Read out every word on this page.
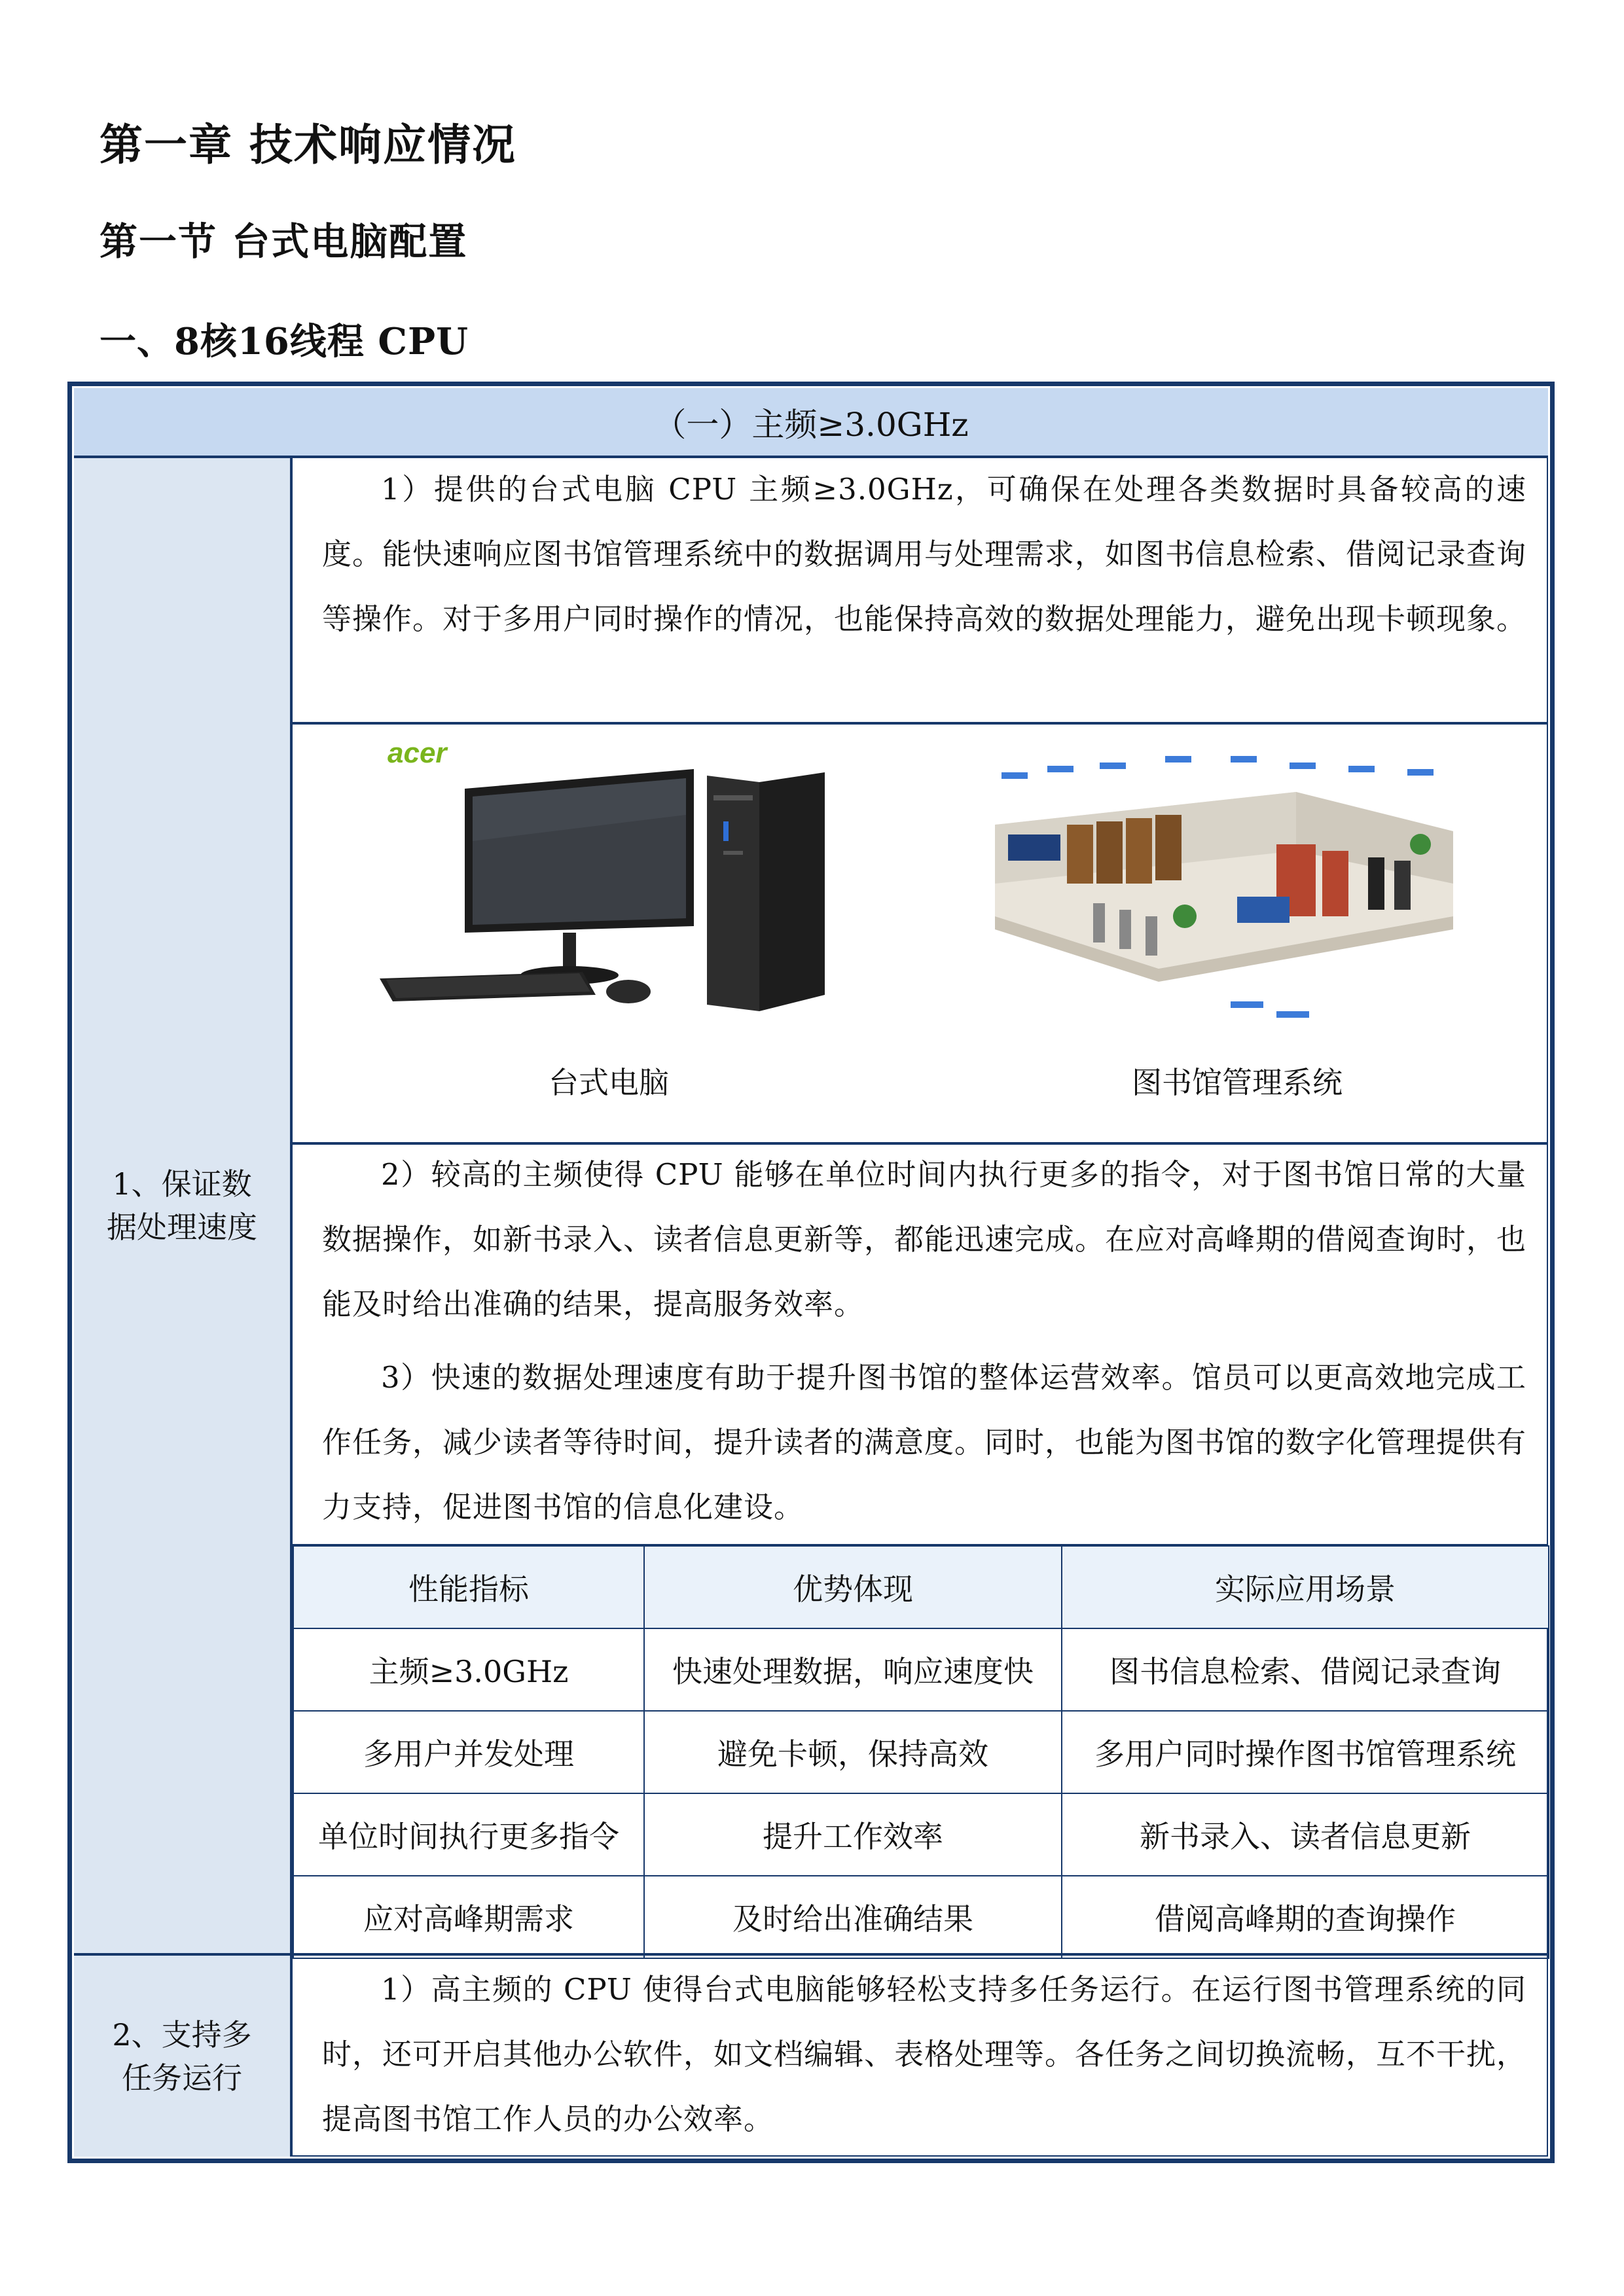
第一章 技术响应情况
第一节 台式电脑配置
一、8核16线程 CPU
（一）主频≥3.0GHz
1、保证数据处理速度
1）提供的台式电脑 CPU 主频≥3.0GHz，可确保在处理各类数据时具备较高的速度。能快速响应图书馆管理系统中的数据调用与处理需求，如图书信息检索、借阅记录查询等操作。对于多用户同时操作的情况，也能保持高效的数据处理能力，避免出现卡顿现象。
acer
台式电脑	图书馆管理系统
2）较高的主频使得 CPU 能够在单位时间内执行更多的指令，对于图书馆日常的大量数据操作，如新书录入、读者信息更新等，都能迅速完成。在应对高峰期的借阅查询时，也能及时给出准确的结果，提高服务效率。
3）快速的数据处理速度有助于提升图书馆的整体运营效率。馆员可以更高效地完成工作任务，减少读者等待时间，提升读者的满意度。同时，也能为图书馆的数字化管理提供有力支持，促进图书馆的信息化建设。
性能指标	优势体现	实际应用场景
主频≥3.0GHz	快速处理数据，响应速度快	图书信息检索、借阅记录查询
多用户并发处理	避免卡顿，保持高效	多用户同时操作图书馆管理系统
单位时间执行更多指令	提升工作效率	新书录入、读者信息更新
应对高峰期需求	及时给出准确结果	借阅高峰期的查询操作
2、支持多任务运行
1）高主频的 CPU 使得台式电脑能够轻松支持多任务运行。在运行图书管理系统的同时，还可开启其他办公软件，如文档编辑、表格处理等。各任务之间切换流畅，互不干扰，提高图书馆工作人员的办公效率。
